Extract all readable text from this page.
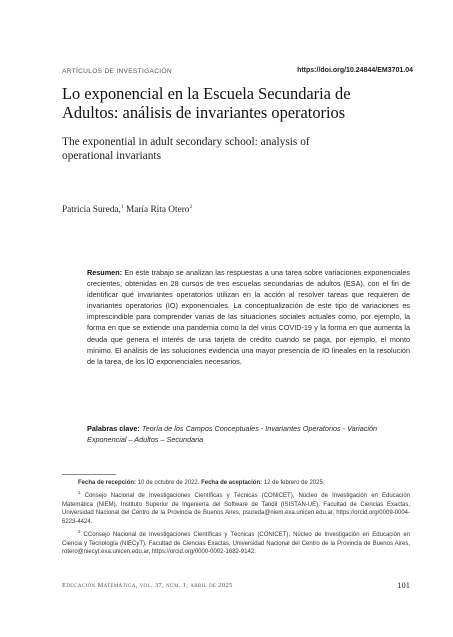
ARTÍCULOS DE INVESTIGACIÓN	https://doi.org/10.24844/EM3701.04
Lo exponencial en la Escuela Secundaria de Adultos: análisis de invariantes operatorios
The exponential in adult secondary school: analysis of operational invariants
Patricia Sureda,$^1$ María Rita Otero$^2$
Resumen: En este trabajo se analizan las respuestas a una tarea sobre variaciones exponenciales crecientes, obtenidas en 28 cursos de tres escuelas secundarias de adultos (ESA), con el fin de identificar qué invariantes operatorios utilizan en la acción al resolver tareas que requieren de invariantes operatorios (IO) exponenciales. La conceptualización de este tipo de variaciones es imprescindible para comprender varias de las situaciones sociales actuales como, por ejemplo, la forma en que se extiende una pandemia como la del virus COVID-19 y la forma en que aumenta la deuda que genera el interés de una tarjeta de crédito cuando se paga, por ejemplo, el monto mínimo. El análisis de las soluciones evidencia una mayor presencia de IO lineales en la resolución de la tarea, de los IO exponenciales necesarios.
Palabras clave: Teoría de los Campos Conceptuales - Invariantes Operatorios - Variación Exponencial – Adultos – Secundaria

Fecha de recepción: 10 de octubre de 2022. Fecha de aceptación: 12 de febrero de 2025.

$^1$ Consejo Nacional de Investigaciones Científicas y Técnicas (CONICET), Núcleo de Investigación en Educación Matemática (NIEM), Instituto Superior de Ingeniería del Software de Tandil (ISISTAN-UE), Facultad de Ciencias Exactas, Universidad Nacional del Centro de la Provincia de Buenos Aires, psureda@niem.exa.unicen.edu.ar, https://orcid.org/0009-0004-6223-4424.

$^2$ CConsejo Nacional de Investigaciones Científicas y Técnicas (CONICET), Núcleo de Investigación en Educación en Ciencia y Tecnología (NIECyT), Facultad de Ciencias Exactas, Universidad Nacional del Centro de la Provincia de Buenos Aires, rotero@niecyt.exa.unicen.edu.ar, https://orcid.org/0000-0002-1682-9142.

Educación Matemática, vol. 37, núm. 1, abril de 2025	101
